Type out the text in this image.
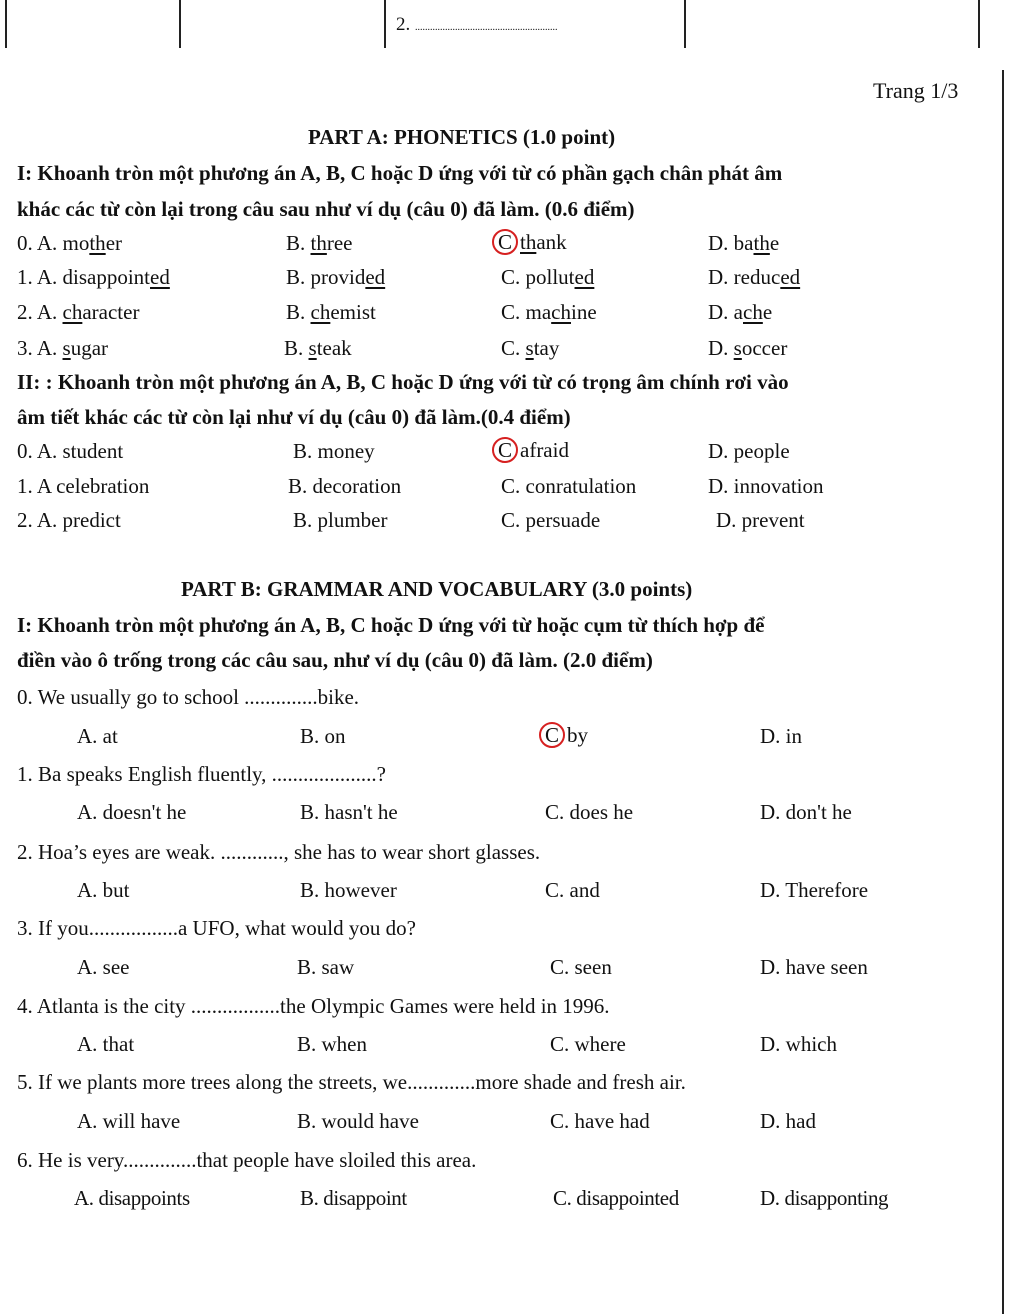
2. .........................................................
Trang 1/3
PART A: PHONETICS (1.0 point)
I: Khoanh tròn một phương án A, B, C hoặc D ứng với từ có phần gạch chân phát âm
khác các từ còn lại trong câu sau như ví dụ (câu 0) đã làm. (0.6 điểm)
0. A. mother	B. three	C thank	D. bathe
1. A. disappointed	B. provided	C. polluted	D. reduced
2. A. character	B. chemist	C. machine	D. ache
3. A. sugar	B. steak	C. stay	D. soccer
II: : Khoanh tròn một phương án A, B, C hoặc D ứng với từ có trọng âm chính rơi vào
âm tiết khác các từ còn lại như ví dụ (câu 0) đã làm.(0.4 điểm)
0. A. student	B. money	C afraid	D. people
1. A celebration	B. decoration	C. conratulation	D. innovation
2. A. predict	B. plumber	C. persuade	D. prevent
PART B: GRAMMAR AND VOCABULARY (3.0 points)
I: Khoanh tròn một phương án A, B, C hoặc D ứng với từ hoặc cụm từ thích hợp để
điền vào ô trống trong các câu sau, như ví dụ (câu 0) đã làm. (2.0 điểm)
0. We usually go to school ..............bike.
A. at	B. on	C by	D. in
1. Ba speaks English fluently, ....................?
A. doesn't he	B. hasn't he	C. does he	D. don't he
2. Hoa’s eyes are weak. ............, she has to wear short glasses.
A. but	B. however	C. and	D. Therefore
3. If you.................a UFO, what would you do?
A. see	B. saw	C. seen	D. have seen
4. Atlanta is the city .................the Olympic Games were held in 1996.
A. that	B. when	C. where	D. which
5. If we plants more trees along the streets, we.............more shade and fresh air.
A. will have	B. would have	C. have had	D. had
6. He is very..............that people have sloiled this area.
A. disappoints	B. disappoint	C. disappointed	D. disapponting
